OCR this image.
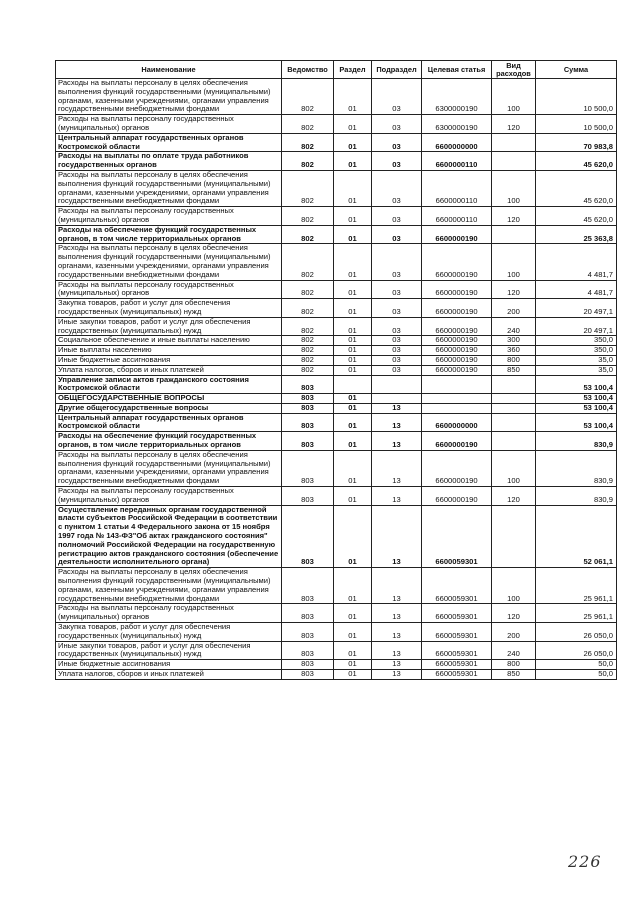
Наименование	Ведомство	Раздел	Подраздел	Целевая статья	Вид расходов	Сумма
Расходы на выплаты персоналу в целях обеспечения выполнения функций государственными (муниципальными) органами, казенными учреждениями, органами управления государственными внебюджетными фондами	802	01	03	6300000190	100	10 500,0
Расходы на выплаты персоналу государственных (муниципальных) органов	802	01	03	6300000190	120	10 500,0
Центральный аппарат государственных органов Костромской области	802	01	03	6600000000		70 983,8
Расходы на выплаты по оплате труда работников государственных органов	802	01	03	6600000110		45 620,0
Расходы на выплаты персоналу в целях обеспечения выполнения функций государственными (муниципальными) органами, казенными учреждениями, органами управления государственными внебюджетными фондами	802	01	03	6600000110	100	45 620,0
Расходы на выплаты персоналу государственных (муниципальных) органов	802	01	03	6600000110	120	45 620,0
Расходы на обеспечение функций государственных органов, в том числе территориальных органов	802	01	03	6600000190		25 363,8
Расходы на выплаты персоналу в целях обеспечения выполнения функций государственными (муниципальными) органами, казенными учреждениями, органами управления государственными внебюджетными фондами	802	01	03	6600000190	100	4 481,7
Расходы на выплаты персоналу государственных (муниципальных) органов	802	01	03	6600000190	120	4 481,7
Закупка товаров, работ и услуг для обеспечения государственных (муниципальных) нужд	802	01	03	6600000190	200	20 497,1
Иные закупки товаров, работ и услуг для обеспечения государственных (муниципальных) нужд	802	01	03	6600000190	240	20 497,1
Социальное обеспечение и иные выплаты населению	802	01	03	6600000190	300	350,0
Иные выплаты населению	802	01	03	6600000190	360	350,0
Иные бюджетные ассигнования	802	01	03	6600000190	800	35,0
Уплата налогов, сборов и иных платежей	802	01	03	6600000190	850	35,0
Управление записи актов гражданского состояния Костромской области	803					53 100,4
ОБЩЕГОСУДАРСТВЕННЫЕ ВОПРОСЫ	803	01				53 100,4
Другие общегосударственные вопросы	803	01	13			53 100,4
Центральный аппарат государственных органов Костромской области	803	01	13	6600000000		53 100,4
Расходы на обеспечение функций государственных органов, в том числе территориальных органов	803	01	13	6600000190		830,9
Расходы на выплаты персоналу в целях обеспечения выполнения функций государственными (муниципальными) органами, казенными учреждениями, органами управления государственными внебюджетными фондами	803	01	13	6600000190	100	830,9
Расходы на выплаты персоналу государственных (муниципальных) органов	803	01	13	6600000190	120	830,9
Осуществление переданных органам государственной власти субъектов Российской Федерации в соответствии с пунктом 1 статьи 4 Федерального закона от 15 ноября 1997 года № 143-ФЗ"Об актах гражданского состояния" полномочий Российской Федерации на государственную регистрацию актов гражданского состояния (обеспечение деятельности исполнительного органа)	803	01	13	6600059301		52 061,1
Расходы на выплаты персоналу в целях обеспечения выполнения функций государственными (муниципальными) органами, казенными учреждениями, органами управления государственными внебюджетными фондами	803	01	13	6600059301	100	25 961,1
Расходы на выплаты персоналу государственных (муниципальных) органов	803	01	13	6600059301	120	25 961,1
Закупка товаров, работ и услуг для обеспечения государственных (муниципальных) нужд	803	01	13	6600059301	200	26 050,0
Иные закупки товаров, работ и услуг для обеспечения государственных (муниципальных) нужд	803	01	13	6600059301	240	26 050,0
Иные бюджетные ассигнования	803	01	13	6600059301	800	50,0
Уплата налогов, сборов и иных платежей	803	01	13	6600059301	850	50,0
226
